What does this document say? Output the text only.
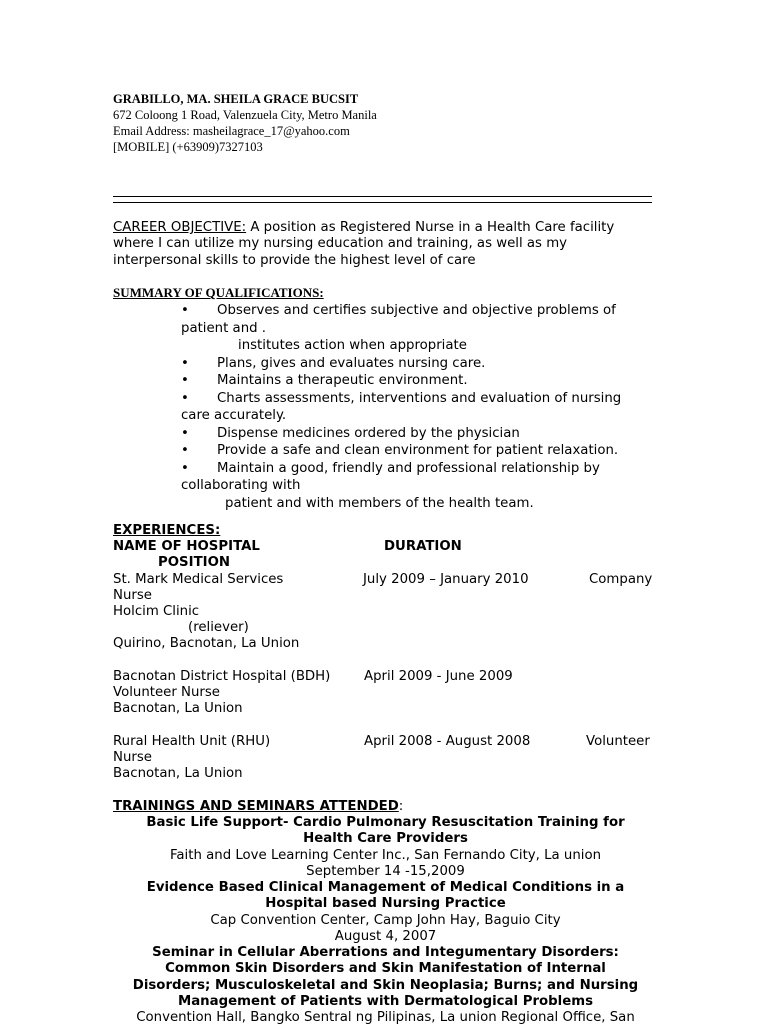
GRABILLO, MA. SHEILA GRACE BUCSIT
672 Coloong 1 Road, Valenzuela City, Metro Manila
Email Address: masheilagrace_17@yahoo.com
[MOBILE] (+63909)7327103
CAREER OBJECTIVE: A position as Registered Nurse in a Health Care facility
where I can utilize my nursing education and training, as well as my
interpersonal skills to provide the highest level of care
SUMMARY OF QUALIFICATIONS:
• Observes and certifies subjective and objective problems of
patient and .
institutes action when appropriate
• Plans, gives and evaluates nursing care.
• Maintains a therapeutic environment.
• Charts assessments, interventions and evaluation of nursing
care accurately.
• Dispense medicines ordered by the physician
• Provide a safe and clean environment for patient relaxation.
• Maintain a good, friendly and professional relationship by
collaborating with
patient and with members of the health team.
EXPERIENCES:
NAME OF HOSPITAL	DURATION
POSITION
St. Mark Medical Services	July 2009 – January 2010	Company
Nurse
Holcim Clinic
(reliever)
Quirino, Bacnotan, La Union
Bacnotan District Hospital (BDH)	April 2009 - June 2009
Volunteer Nurse
Bacnotan, La Union
Rural Health Unit (RHU)	April 2008 - August 2008	Volunteer
Nurse
Bacnotan, La Union
TRAININGS AND SEMINARS ATTENDED:
Basic Life Support- Cardio Pulmonary Resuscitation Training for
Health Care Providers
Faith and Love Learning Center Inc., San Fernando City, La union
September 14 -15,2009
Evidence Based Clinical Management of Medical Conditions in a
Hospital based Nursing Practice
Cap Convention Center, Camp John Hay, Baguio City
August 4, 2007
Seminar in Cellular Aberrations and Integumentary Disorders:
Common Skin Disorders and Skin Manifestation of Internal
Disorders; Musculoskeletal and Skin Neoplasia; Burns; and Nursing
Management of Patients with Dermatological Problems
Convention Hall, Bangko Sentral ng Pilipinas, La union Regional Office, San
